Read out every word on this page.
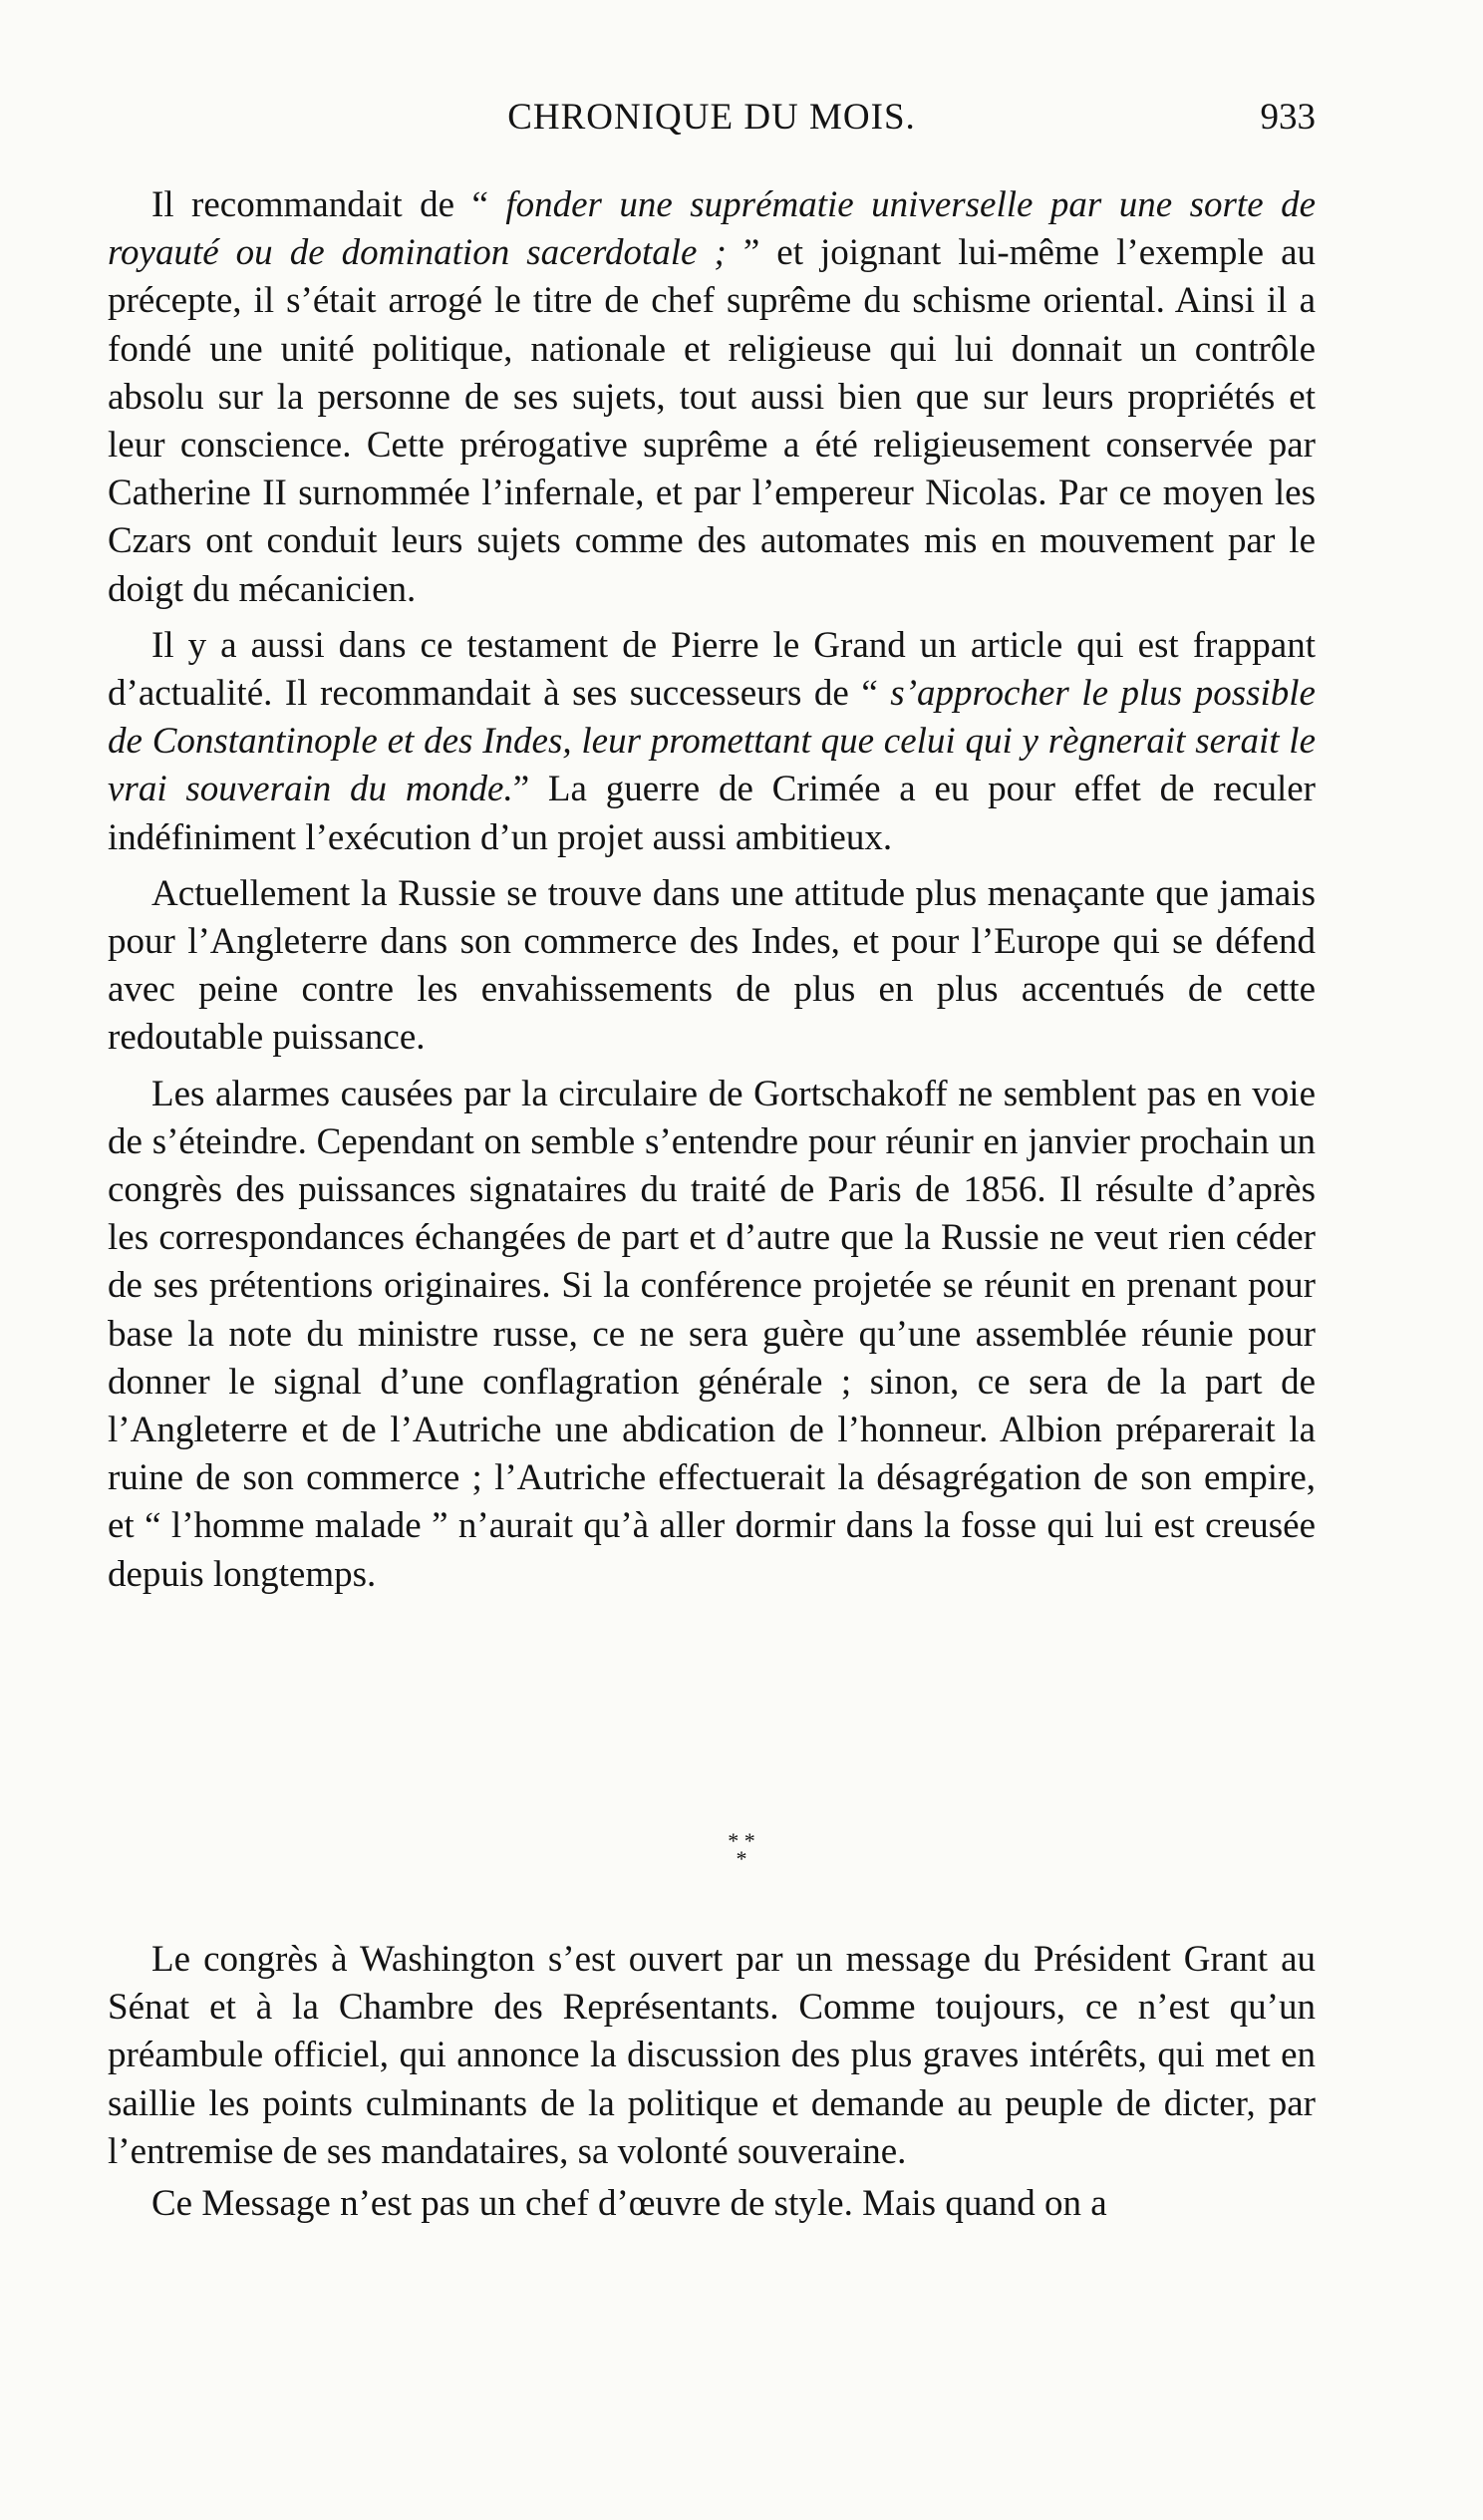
CHRONIQUE DU MOIS.	933

Il recommandait de “ fonder une suprématie universelle par une sorte de royauté ou de domination sacerdotale ; ” et joignant lui-même l’exemple au précepte, il s’était arrogé le titre de chef suprême du schisme oriental. Ainsi il a fondé une unité politique, nationale et religieuse qui lui donnait un contrôle absolu sur la personne de ses sujets, tout aussi bien que sur leurs propriétés et leur conscience. Cette prérogative suprême a été religieusement conservée par Catherine II surnommée l’infernale, et par l’empereur Nicolas. Par ce moyen les Czars ont conduit leurs sujets comme des automates mis en mouvement par le doigt du mécanicien.

Il y a aussi dans ce testament de Pierre le Grand un article qui est frappant d’actualité. Il recommandait à ses successeurs de “ s’approcher le plus possible de Constantinople et des Indes, leur promettant que celui qui y règnerait serait le vrai souverain du monde.” La guerre de Crimée a eu pour effet de reculer indéfiniment l’exécution d’un projet aussi ambitieux.

Actuellement la Russie se trouve dans une attitude plus menaçante que jamais pour l’Angleterre dans son commerce des Indes, et pour l’Europe qui se défend avec peine contre les envahissements de plus en plus accentués de cette redoutable puissance.

Les alarmes causées par la circulaire de Gortschakoff ne semblent pas en voie de s’éteindre. Cependant on semble s’entendre pour réunir en janvier prochain un congrès des puissances signataires du traité de Paris de 1856. Il résulte d’après les correspondances échangées de part et d’autre que la Russie ne veut rien céder de ses prétentions originaires. Si la conférence projetée se réunit en prenant pour base la note du ministre russe, ce ne sera guère qu’une assemblée réunie pour donner le signal d’une conflagration générale ; sinon, ce sera de la part de l’Angleterre et de l’Autriche une abdication de l’honneur. Albion préparerait la ruine de son commerce ; l’Autriche effectuerait la désagrégation de son empire, et “ l’homme malade ” n’aurait qu’à aller dormir dans la fosse qui lui est creusée depuis longtemps.

* *
*

Le congrès à Washington s’est ouvert par un message du Président Grant au Sénat et à la Chambre des Représentants. Comme toujours, ce n’est qu’un préambule officiel, qui annonce la discussion des plus graves intérêts, qui met en saillie les points culminants de la politique et demande au peuple de dicter, par l’entremise de ses mandataires, sa volonté souveraine.

Ce Message n’est pas un chef d’œuvre de style. Mais quand on a
